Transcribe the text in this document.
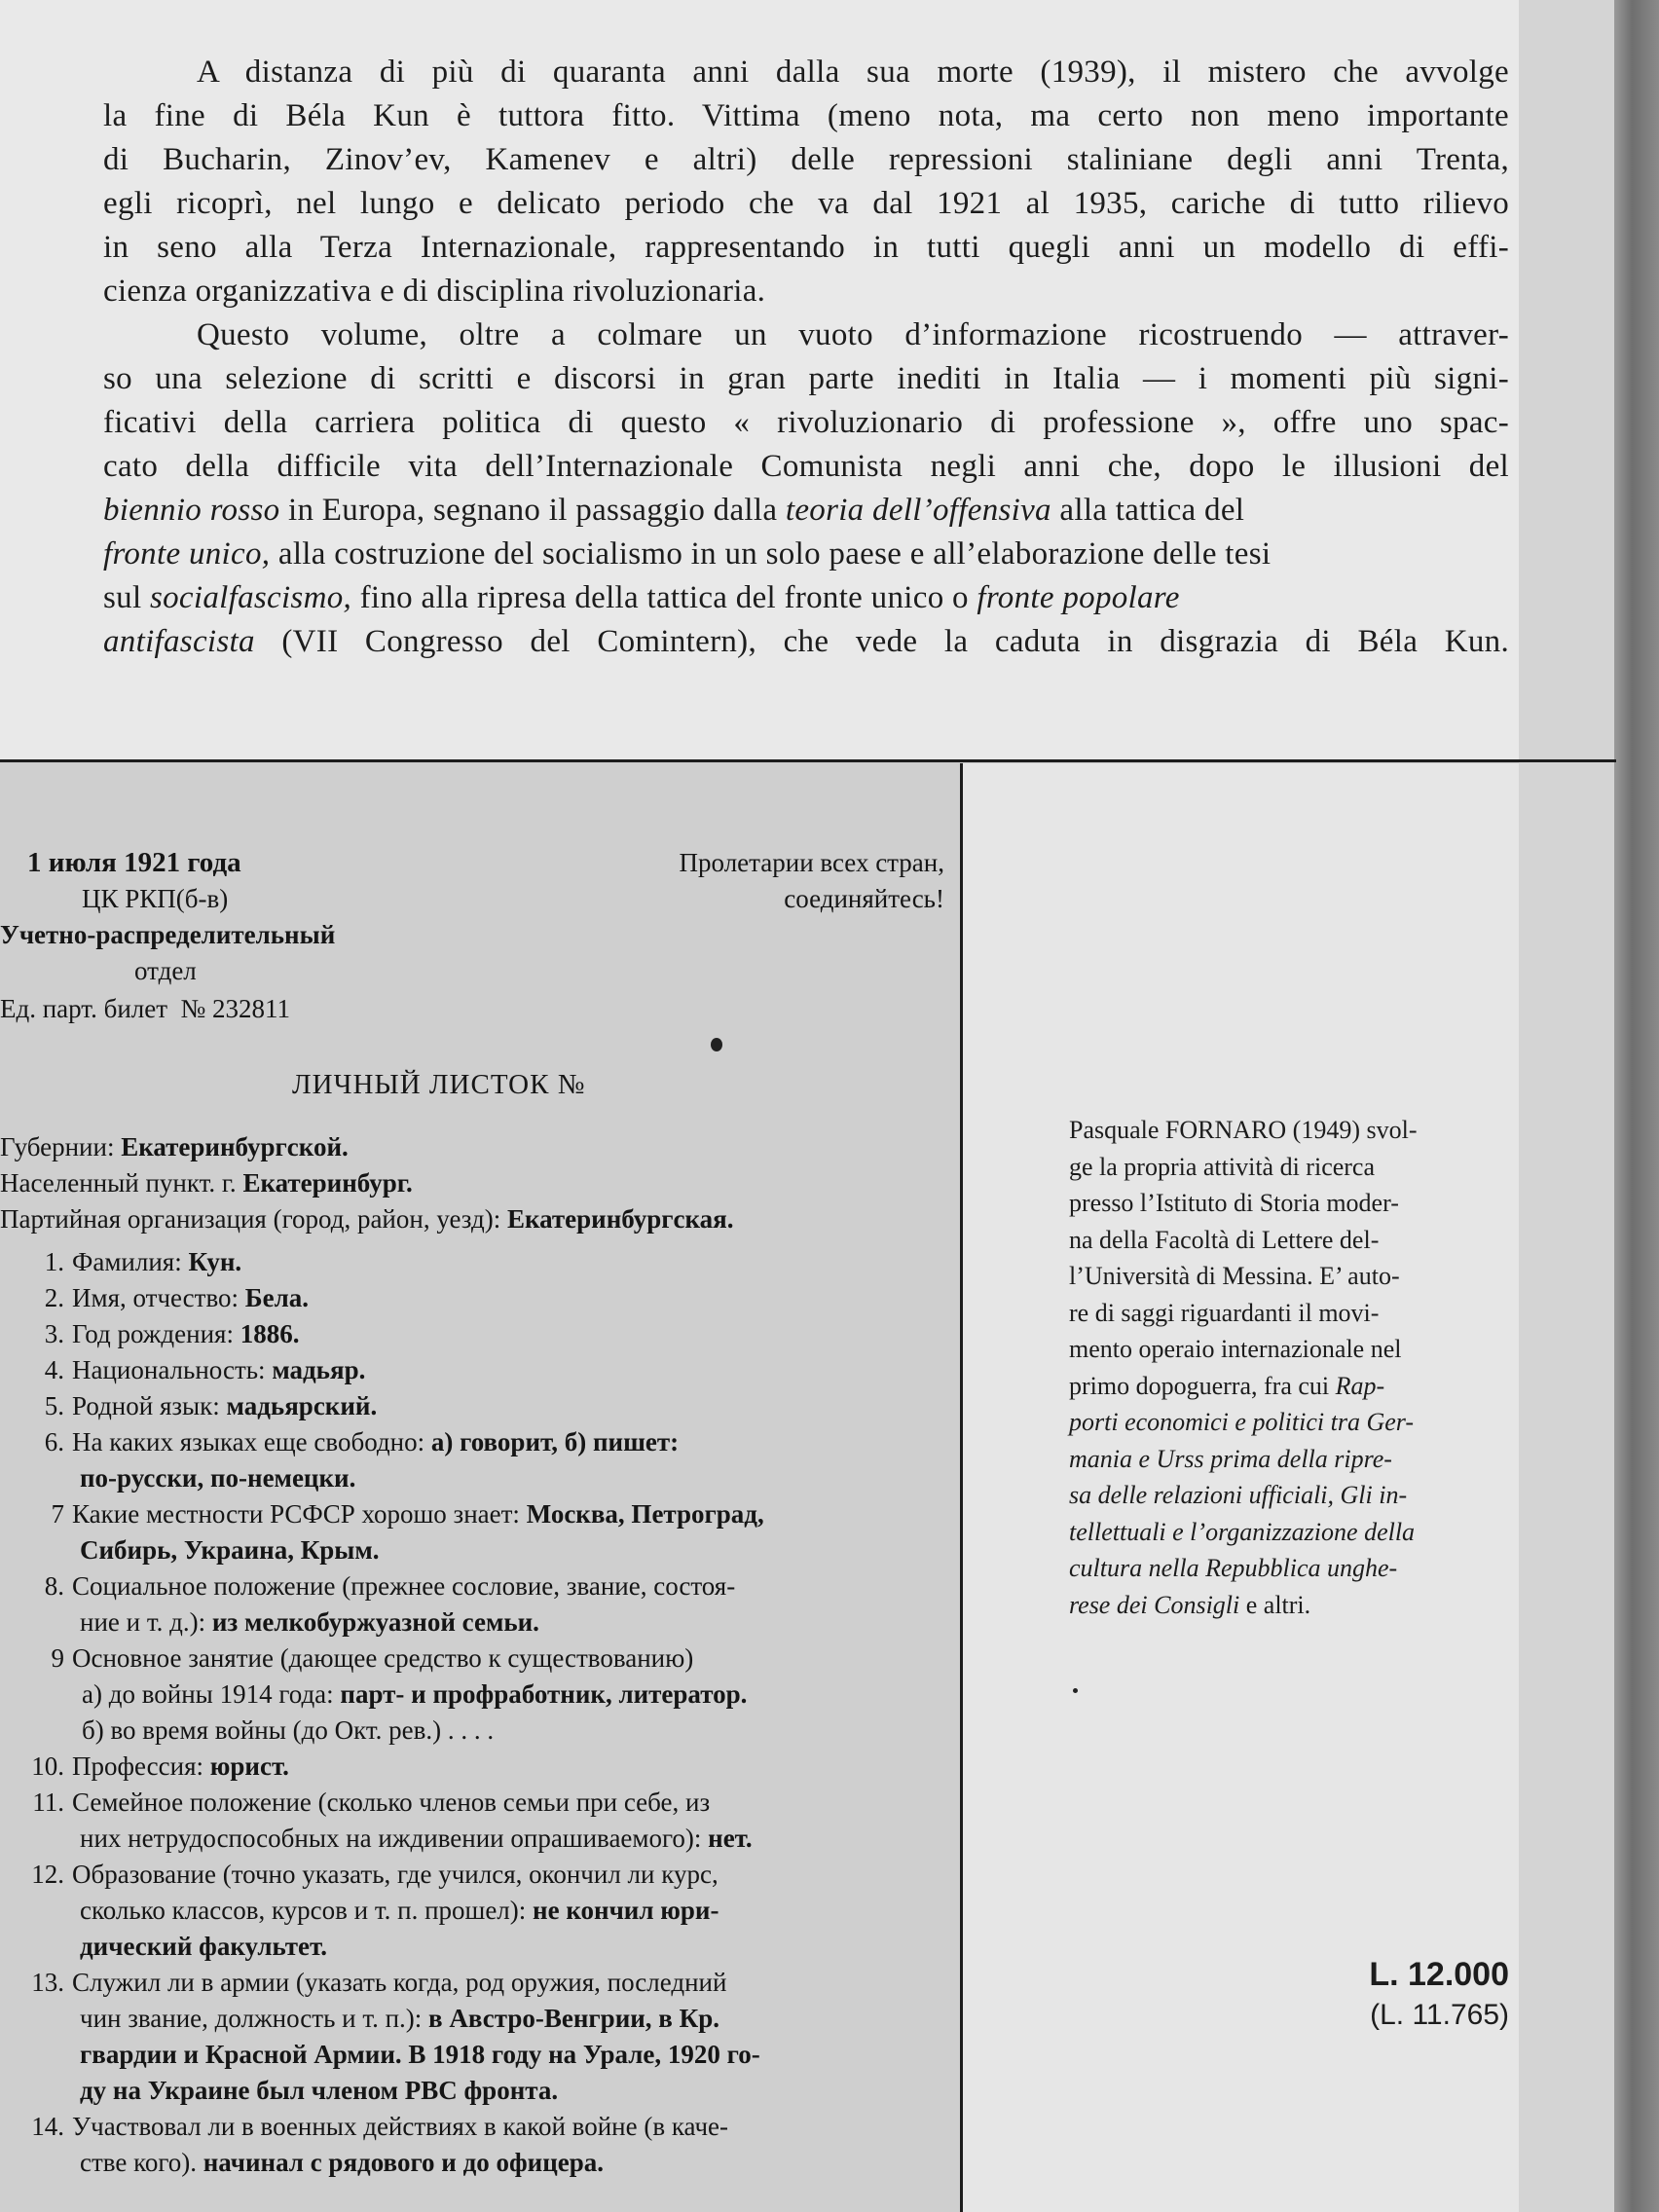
A distanza di più di quaranta anni dalla sua morte (1939), il mistero che avvolge
la fine di Béla Kun è tuttora fitto. Vittima (meno nota, ma certo non meno importante
di Bucharin, Zinov’ev, Kamenev e altri) delle repressioni staliniane degli anni Trenta,
egli ricoprì, nel lungo e delicato periodo che va dal 1921 al 1935, cariche di tutto rilievo
in seno alla Terza Internazionale, rappresentando in tutti quegli anni un modello di effi-
cienza organizzativa e di disciplina rivoluzionaria.
Questo volume, oltre a colmare un vuoto d’informazione ricostruendo — attraver-
so una selezione di scritti e discorsi in gran parte inediti in Italia — i momenti più signi-
ficativi della carriera politica di questo « rivoluzionario di professione », offre uno spac-
cato della difficile vita dell’Internazionale Comunista negli anni che, dopo le illusioni del
biennio rosso in Europa, segnano il passaggio dalla teoria dell’offensiva alla tattica del
fronte unico, alla costruzione del socialismo in un solo paese e all’elaborazione delle tesi
sul socialfascismo, fino alla ripresa della tattica del fronte unico o fronte popolare
antifascista (VII Congresso del Comintern), che vede la caduta in disgrazia di Béla Kun.
1 июля 1921 года
ЦК РКП(б-в)
Учетно-распределительный
отдел
Ед. парт. билет № 232811
Пролетарии всех стран,
соединяйтесь!
ЛИЧНЫЙ ЛИСТОК №
Губернии: Екатеринбургской.
Населенный пункт. г. Екатеринбург.
Партийная организация (город, район, уезд): Екатеринбургская.
1. Фамилия: Кун.
2. Имя, отчество: Бела.
3. Год рождения: 1886.
4. Национальность: мадьяр.
5. Родной язык: мадьярский.
6. На каких языках еще свободно: а) говорит, б) пишет:
по-русски, по-немецки.
7 Какие местности РСФСР хорошо знает: Москва, Петроград,
Сибирь, Украина, Крым.
8. Социальное положение (прежнее сословие, звание, состоя-
ние и т. д.): из мелкобуржуазной семьи.
9 Основное занятие (дающее средство к существованию)
а) до войны 1914 года: парт- и профработник, литератор.
б) во время войны (до Окт. рев.) . . . .
10. Профессия: юрист.
11. Семейное положение (сколько членов семьи при себе, из
них нетрудоспособных на иждивении опрашиваемого): нет.
12. Образование (точно указать, где учился, окончил ли курс,
сколько классов, курсов и т. п. прошел): не кончил юри-
дический факультет.
13. Служил ли в армии (указать когда, род оружия, последний
чин звание, должность и т. п.): в Австро-Венгрии, в Кр.
гвардии и Красной Армии. В 1918 году на Урале, 1920 го-
ду на Украине был членом РВС фронта.
14. Участвовал ли в военных действиях в какой войне (в каче-
стве кого). начинал с рядового и до офицера.
Pasquale FORNARO (1949) svol-
ge la propria attività di ricerca
presso l’Istituto di Storia moder-
na della Facoltà di Lettere del-
l’Università di Messina. E’ auto-
re di saggi riguardanti il movi-
mento operaio internazionale nel
primo dopoguerra, fra cui Rap-
porti economici e politici tra Ger-
mania e Urss prima della ripre-
sa delle relazioni ufficiali, Gli in-
tellettuali e l’organizzazione della
cultura nella Repubblica unghe-
rese dei Consigli e altri.
L. 12.000
(L. 11.765)
